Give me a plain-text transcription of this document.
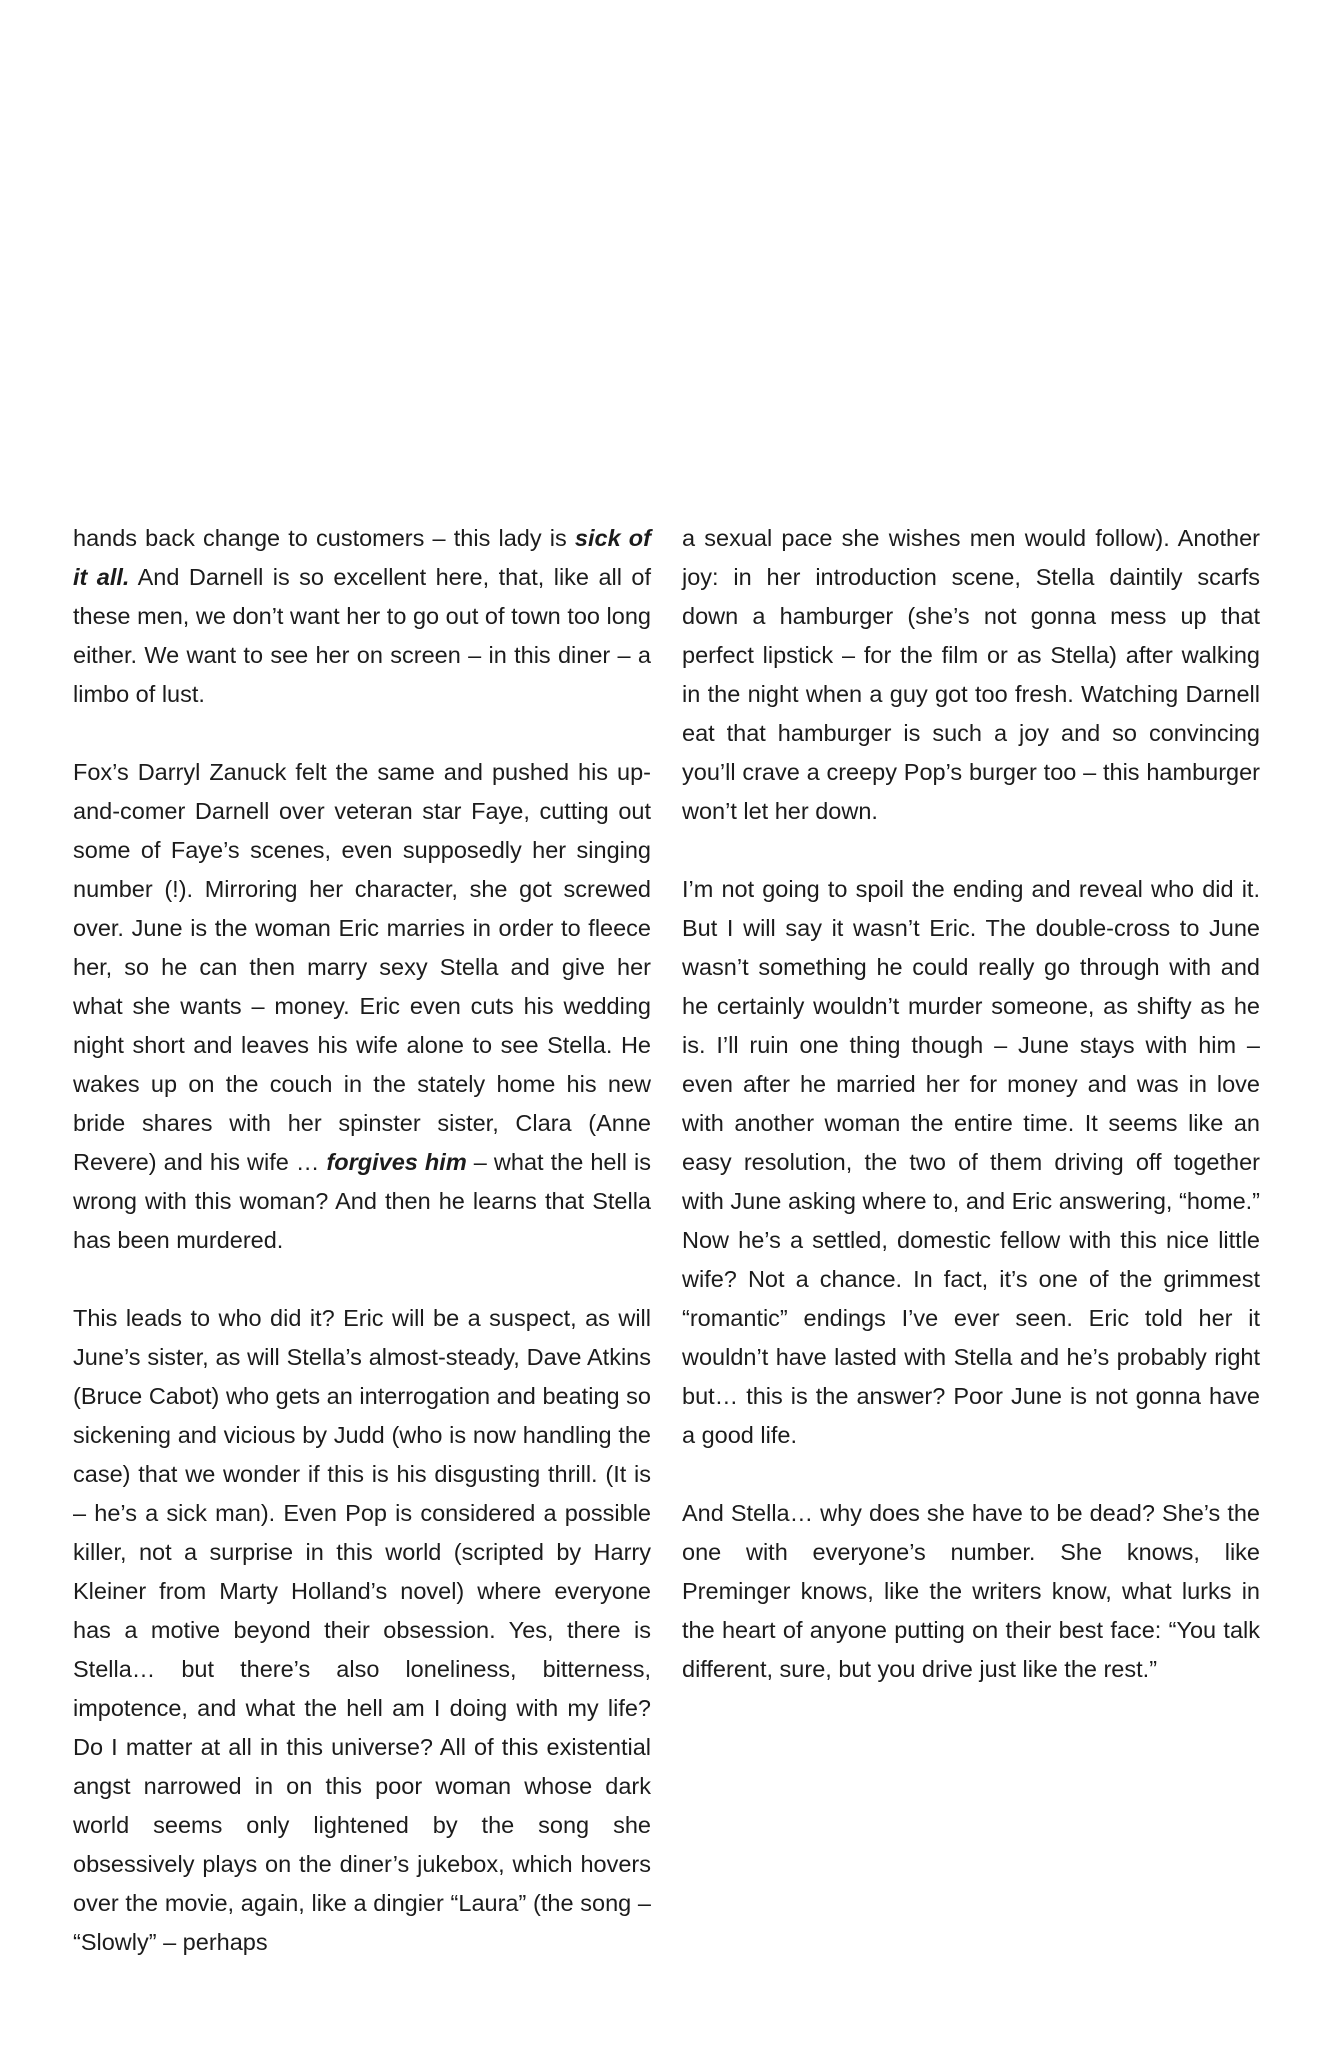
hands back change to customers – this lady is sick of it all. And Darnell is so excellent here, that, like all of these men, we don’t want her to go out of town too long either. We want to see her on screen – in this diner – a limbo of lust.

Fox’s Darryl Zanuck felt the same and pushed his up-and-comer Darnell over veteran star Faye, cutting out some of Faye’s scenes, even supposedly her singing number (!). Mirroring her character, she got screwed over. June is the woman Eric marries in order to fleece her, so he can then marry sexy Stella and give her what she wants – money. Eric even cuts his wedding night short and leaves his wife alone to see Stella. He wakes up on the couch in the stately home his new bride shares with her spinster sister, Clara (Anne Revere) and his wife … forgives him – what the hell is wrong with this woman? And then he learns that Stella has been murdered.

This leads to who did it? Eric will be a suspect, as will June’s sister, as will Stella’s almost-steady, Dave Atkins (Bruce Cabot) who gets an interrogation and beating so sickening and vicious by Judd (who is now handling the case) that we wonder if this is his disgusting thrill. (It is – he’s a sick man). Even Pop is considered a possible killer, not a surprise in this world (scripted by Harry Kleiner from Marty Holland’s novel) where everyone has a motive beyond their obsession. Yes, there is Stella… but there’s also loneliness, bitterness, impotence, and what the hell am I doing with my life? Do I matter at all in this universe? All of this existential angst narrowed in on this poor woman whose dark world seems only lightened by the song she obsessively plays on the diner’s jukebox, which hovers over the movie, again, like a dingier “Laura” (the song – “Slowly” – perhaps

a sexual pace she wishes men would follow). Another joy: in her introduction scene, Stella daintily scarfs down a hamburger (she’s not gonna mess up that perfect lipstick – for the film or as Stella) after walking in the night when a guy got too fresh. Watching Darnell eat that hamburger is such a joy and so convincing you’ll crave a creepy Pop’s burger too – this hamburger won’t let her down.

I’m not going to spoil the ending and reveal who did it. But I will say it wasn’t Eric. The double-cross to June wasn’t something he could really go through with and he certainly wouldn’t murder someone, as shifty as he is. I’ll ruin one thing though – June stays with him – even after he married her for money and was in love with another woman the entire time. It seems like an easy resolution, the two of them driving off together with June asking where to, and Eric answering, “home.” Now he’s a settled, domestic fellow with this nice little wife? Not a chance. In fact, it’s one of the grimmest “romantic” endings I’ve ever seen. Eric told her it wouldn’t have lasted with Stella and he’s probably right but… this is the answer? Poor June is not gonna have a good life.

And Stella… why does she have to be dead? She’s the one with everyone’s number. She knows, like Preminger knows, like the writers know, what lurks in the heart of anyone putting on their best face: “You talk different, sure, but you drive just like the rest.”
